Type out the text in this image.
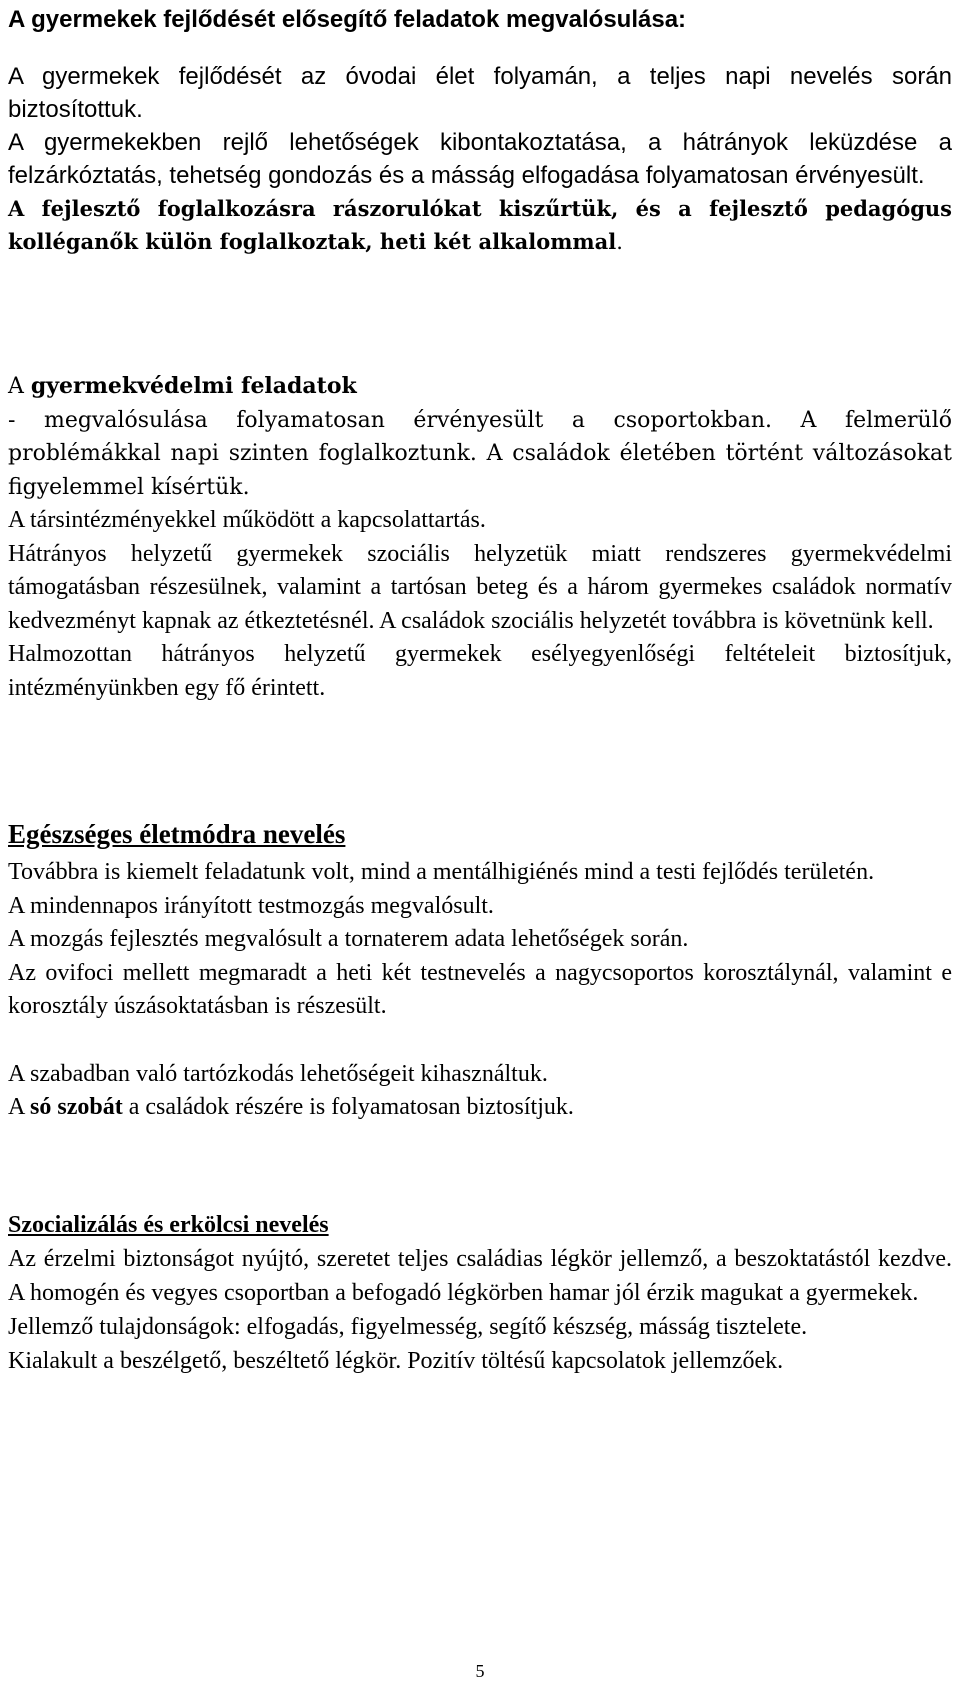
A gyermekek fejlődését elősegítő feladatok megvalósulása:

A gyermekek fejlődését az óvodai élet folyamán, a teljes napi nevelés során biztosítottuk.

A gyermekekben rejlő lehetőségek kibontakoztatása, a hátrányok leküzdése a felzárkóztatás, tehetség gondozás és a másság elfogadása folyamatosan érvényesült.

A fejlesztő foglalkozásra rászorulókat kiszűrtük, és a fejlesztő pedagógus kolléganők külön foglalkoztak, heti két alkalommal.

A gyermekvédelmi feladatok

- megvalósulása folyamatosan érvényesült a csoportokban. A felmerülő problémákkal napi szinten foglalkoztunk. A családok életében történt változásokat figyelemmel kísértük.

A társintézményekkel működött a kapcsolattartás.

Hátrányos helyzetű gyermekek szociális helyzetük miatt rendszeres gyermekvédelmi támogatásban részesülnek, valamint a tartósan beteg és a három gyermekes családok normatív kedvezményt kapnak az étkeztetésnél. A családok szociális helyzetét továbbra is követnünk kell.

Halmozottan hátrányos helyzetű gyermekek esélyegyenlőségi feltételeit biztosítjuk, intézményünkben egy fő érintett.

Egészséges életmódra nevelés

Továbbra is kiemelt feladatunk volt, mind a mentálhigiénés mind a testi fejlődés területén.

A mindennapos irányított testmozgás megvalósult.

A mozgás fejlesztés megvalósult a tornaterem adata lehetőségek során.

Az ovifoci mellett megmaradt a heti két testnevelés a nagycsoportos korosztálynál, valamint e korosztály úszásoktatásban is részesült.

A szabadban való tartózkodás lehetőségeit kihasználtuk.

A só szobát a családok részére is folyamatosan biztosítjuk.

Szocializálás és erkölcsi nevelés

Az érzelmi biztonságot nyújtó, szeretet teljes családias légkör jellemző, a beszoktatástól kezdve. A homogén és vegyes csoportban a befogadó légkörben hamar jól érzik magukat a gyermekek.

Jellemző tulajdonságok: elfogadás, figyelmesség, segítő készség, másság tisztelete.

Kialakult a beszélgető, beszéltető légkör. Pozitív töltésű kapcsolatok jellemzőek.

5
